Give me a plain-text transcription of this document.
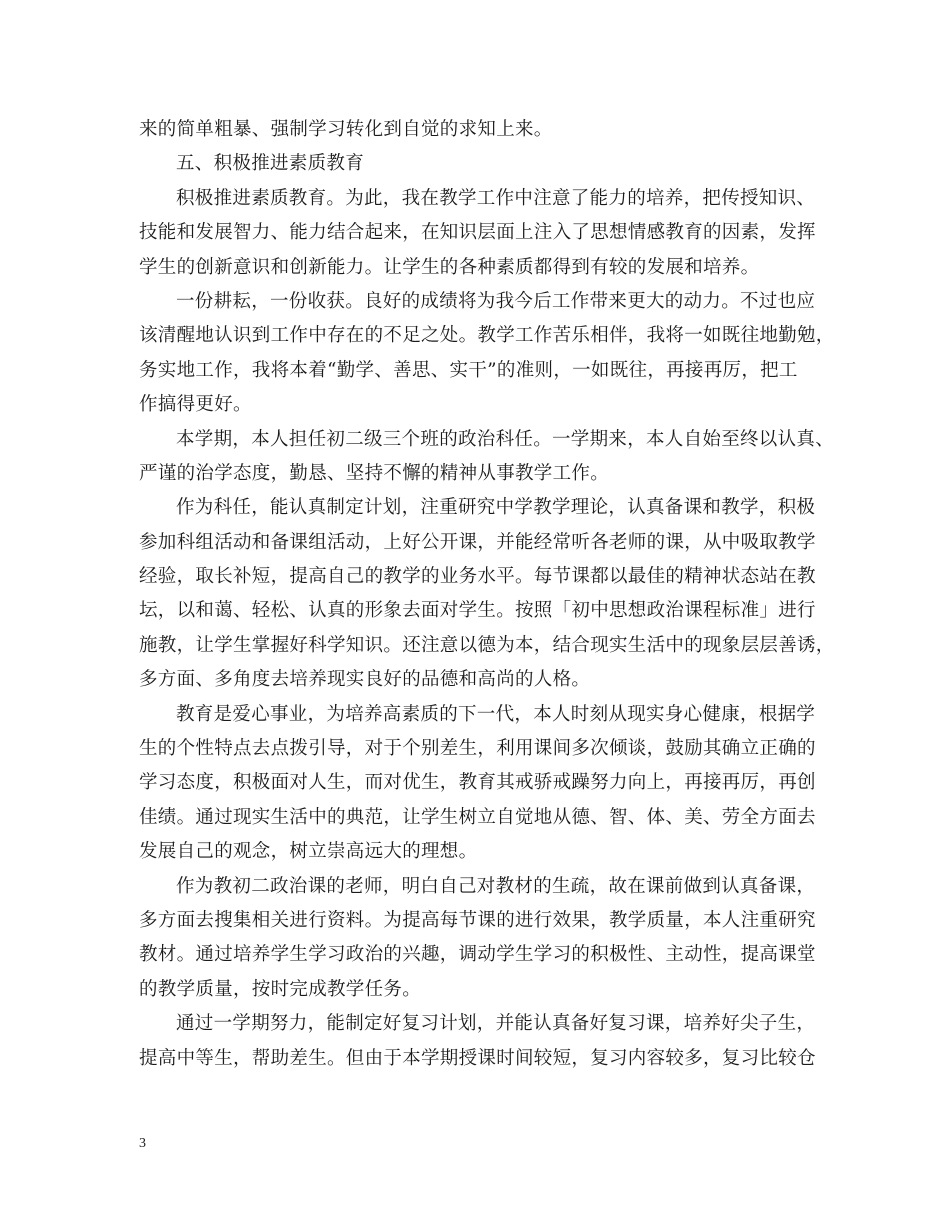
来的简单粗暴、强制学习转化到自觉的求知上来。
五、积极推进素质教育
积极推进素质教育。为此，我在教学工作中注意了能力的培养，把传授知识、
技能和发展智力、能力结合起来，在知识层面上注入了思想情感教育的因素，发挥
学生的创新意识和创新能力。让学生的各种素质都得到有较的发展和培养。
一份耕耘，一份收获。良好的成绩将为我今后工作带来更大的动力。不过也应
该清醒地认识到工作中存在的不足之处。教学工作苦乐相伴，我将一如既往地勤勉，
务实地工作，我将本着“勤学、善思、实干”的准则，一如既往，再接再厉，把工
作搞得更好。
本学期，本人担任初二级三个班的政治科任。一学期来，本人自始至终以认真、
严谨的治学态度，勤恳、坚持不懈的精神从事教学工作。
作为科任，能认真制定计划，注重研究中学教学理论，认真备课和教学，积极
参加科组活动和备课组活动，上好公开课，并能经常听各老师的课，从中吸取教学
经验，取长补短，提高自己的教学的业务水平。每节课都以最佳的精神状态站在教
坛，以和蔼、轻松、认真的形象去面对学生。按照「初中思想政治课程标准」进行
施教，让学生掌握好科学知识。还注意以德为本，结合现实生活中的现象层层善诱，
多方面、多角度去培养现实良好的品德和高尚的人格。
教育是爱心事业，为培养高素质的下一代，本人时刻从现实身心健康，根据学
生的个性特点去点拨引导，对于个别差生，利用课间多次倾谈，鼓励其确立正确的
学习态度，积极面对人生，而对优生，教育其戒骄戒躁努力向上，再接再厉，再创
佳绩。通过现实生活中的典范，让学生树立自觉地从德、智、体、美、劳全方面去
发展自己的观念，树立崇高远大的理想。
作为教初二政治课的老师，明白自己对教材的生疏，故在课前做到认真备课，
多方面去搜集相关进行资料。为提高每节课的进行效果，教学质量，本人注重研究
教材。通过培养学生学习政治的兴趣，调动学生学习的积极性、主动性，提高课堂
的教学质量，按时完成教学任务。
通过一学期努力，能制定好复习计划，并能认真备好复习课，培养好尖子生，
提高中等生，帮助差生。但由于本学期授课时间较短，复习内容较多，复习比较仓
3
